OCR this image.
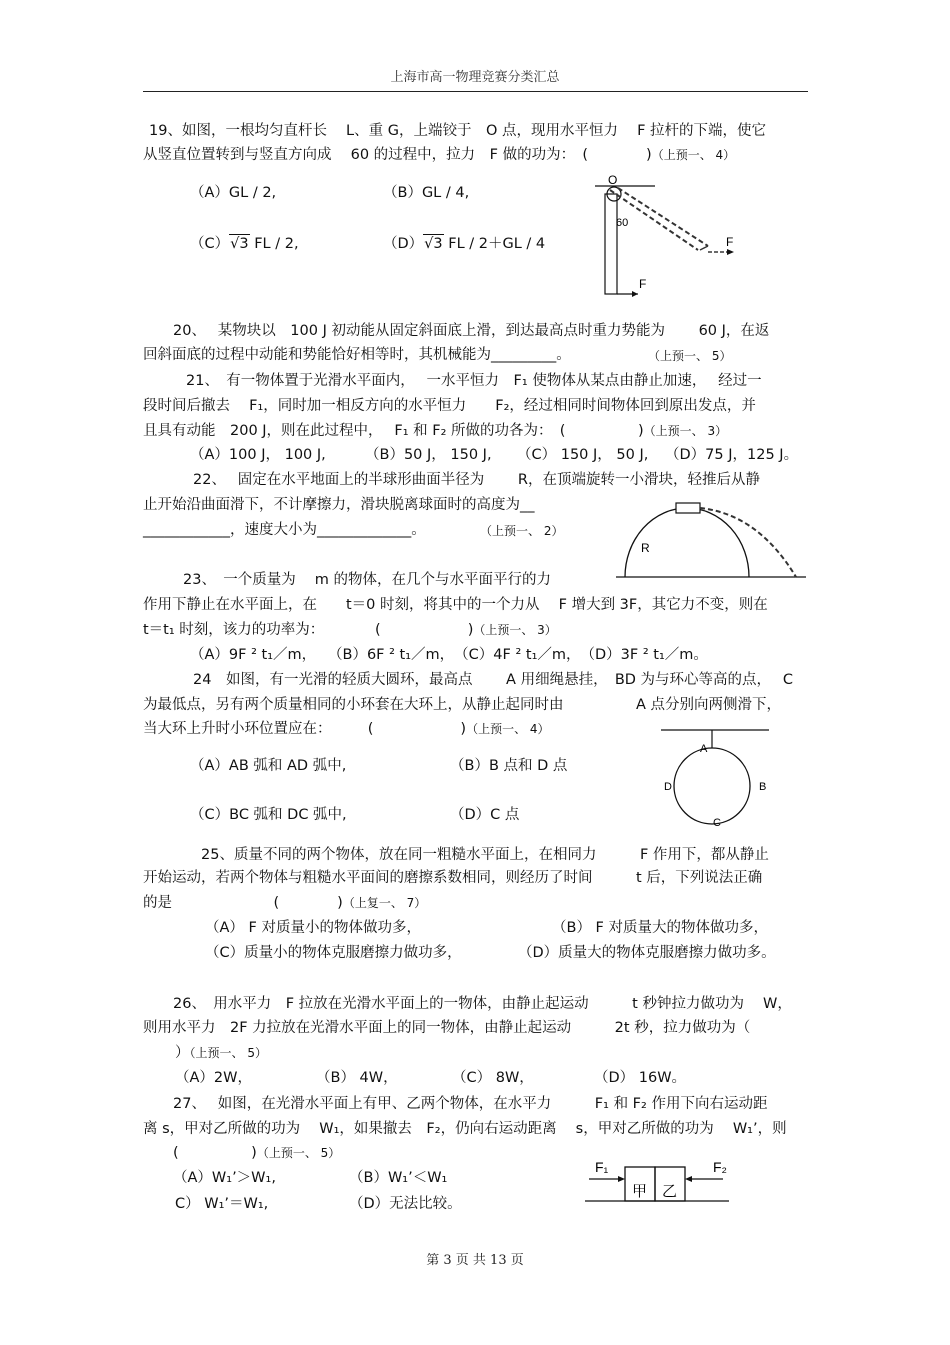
上海市高一物理竞赛分类汇总
19、如图，一根均匀直杆长　 L、重 G，上端铰于　O 点，现用水平恒力　 F 拉杆的下端，使它
从竖直位置转到与竖直方向成　 60 的过程中，拉力　F 做的功为：　(　　　　)（上预一、 4）
（A）GL / 2,	（B）GL / 4,
（C）√3 FL / 2,	（D）√3 FL / 2＋GL / 4
O
60
F
F
20、　 某物块以　100 J 初动能从固定斜面底上滑，到达最高点时重力势能为　　 60 J，在返
回斜面底的过程中动能和势能恰好相等时，其机械能为_________。	（上预一、 5）
21、　有一物体置于光滑水平面内，　 一水平恒力　F₁ 使物体从某点由静止加速，　 经过一
段时间后撤去　 F₁，同时加一相反方向的水平恒力　　F₂，经过相同时间物体回到原出发点，并
且具有动能　200 J，则在此过程中，　 F₁ 和 F₂ 所做的功各为：　(　　　　　)（上预一、 3）
（A）100 J， 100 J,	（B）50 J， 150 J, （C） 150 J， 50 J, （D）75 J，125 J。
22、　 固定在水平地面上的半球形曲面半径为　　 R，在顶端旋转一小滑块，轻推后从静
止开始沿曲面滑下，不计摩擦力，滑块脱离球面时的高度为__
____________，速度大小为_____________。	（上预一、 2）
R
23、　一个质量为　 m 的物体，在几个与水平面平行的力
作用下静止在水平面上，在　　t＝0 时刻，将其中的一个力从　 F 增大到 3F，其它力不变，则在
t＝t₁ 时刻，该力的功率为：　　　　(　　　　　　)（上预一、 3）
（A）9F ² t₁／m，　 （B）6F ² t₁／m，　（C）4F ² t₁／m，　（D）3F ² t₁／m。
24　如图，有一光滑的轻质大圆环，最高点　　 A 用细绳悬挂，　BD 为与环心等高的点，　 C
为最低点，另有两个质量相同的小环套在大环上，从静止起同时由　　　　　A 点分别向两侧滑下，
当大环上升时小环位置应在：　　　(　　　　　　)（上预一、 4）
（A）AB 弧和 AD 弧中,	（B）B 点和 D 点
（C）BC 弧和 DC 弧中,	（D）C 点
A
B
C
D
25、质量不同的两个物体，放在同一粗糙水平面上，在相同力　　　F 作用下，都从静止
开始运动，若两个物体与粗糙水平面间的磨擦系数相同，则经历了时间　　　t 后，下列说法正确
的是　　　　　　　(　　　　)（上复一、 7）
（A） F 对质量小的物体做功多，	（B） F 对质量大的物体做功多，
（C）质量小的物体克服磨擦力做功多，	（D）质量大的物体克服磨擦力做功多。
26、　用水平力　F 拉放在光滑水平面上的一物体，由静止起运动　　　t 秒钟拉力做功为　 W，
则用水平力　2F 力拉放在光滑水平面上的同一物体，由静止起运动　　　2t 秒，拉力做功为（
）（上预一、 5）
（A）2W，	（B） 4W，	（C） 8W，	（D） 16W。
27、　 如图，在光滑水平面上有甲、乙两个物体，在水平力　　　F₁ 和 F₂ 作用下向右运动距
离 s，甲对乙所做的功为　 W₁，如果撤去　F₂，仍向右运动距离　 s，甲对乙所做的功为　 W₁’，则
(　　　　　)（上预一、 5）
（A）W₁’＞W₁,	（B）W₁’＜W₁
C） W₁’＝W₁,	（D）无法比较。
F₁	F₂
甲 乙
第 3 页 共 13 页
